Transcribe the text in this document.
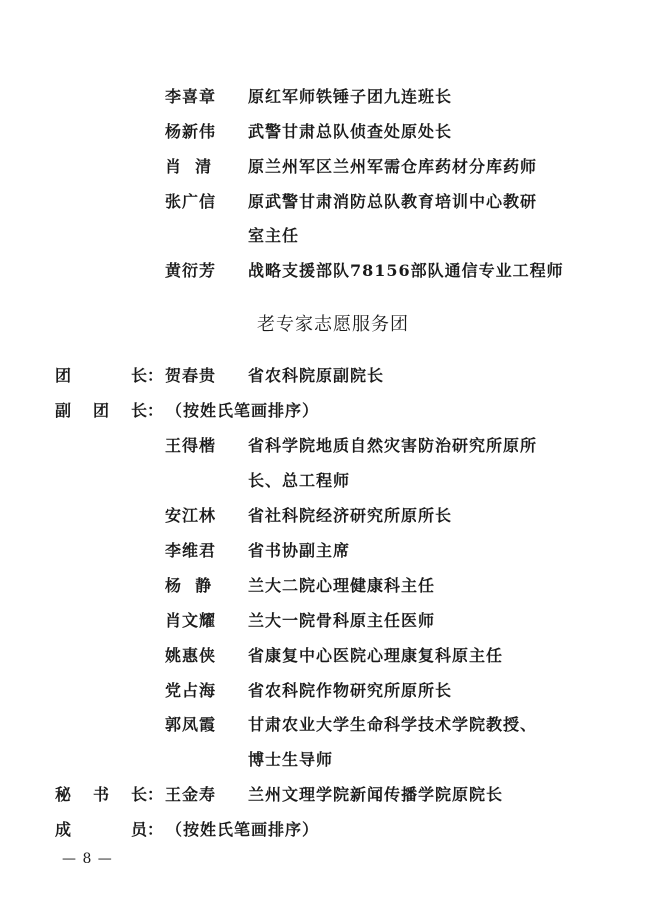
李喜章 原红军师铁锤子团九连班长
杨新伟 武警甘肃总队侦查处原处长
肖  清 原兰州军区兰州军需仓库药材分库药师
张广信 原武警甘肃消防总队教育培训中心教研
室主任
黄衍芳 战略支援部队78156部队通信专业工程师
老专家志愿服务团
团	长： 贺春贵 省农科院原副院长
副 团 长： （按姓氏笔画排序）
王得楷 省科学院地质自然灾害防治研究所原所
长、总工程师
安江林 省社科院经济研究所原所长
李维君 省书协副主席
杨  静 兰大二院心理健康科主任
肖文耀 兰大一院骨科原主任医师
姚惠侠 省康复中心医院心理康复科原主任
党占海 省农科院作物研究所原所长
郭凤霞 甘肃农业大学生命科学技术学院教授、
博士生导师
秘 书 长： 王金寿 兰州文理学院新闻传播学院原院长
成	员： （按姓氏笔画排序）
— 8 —
